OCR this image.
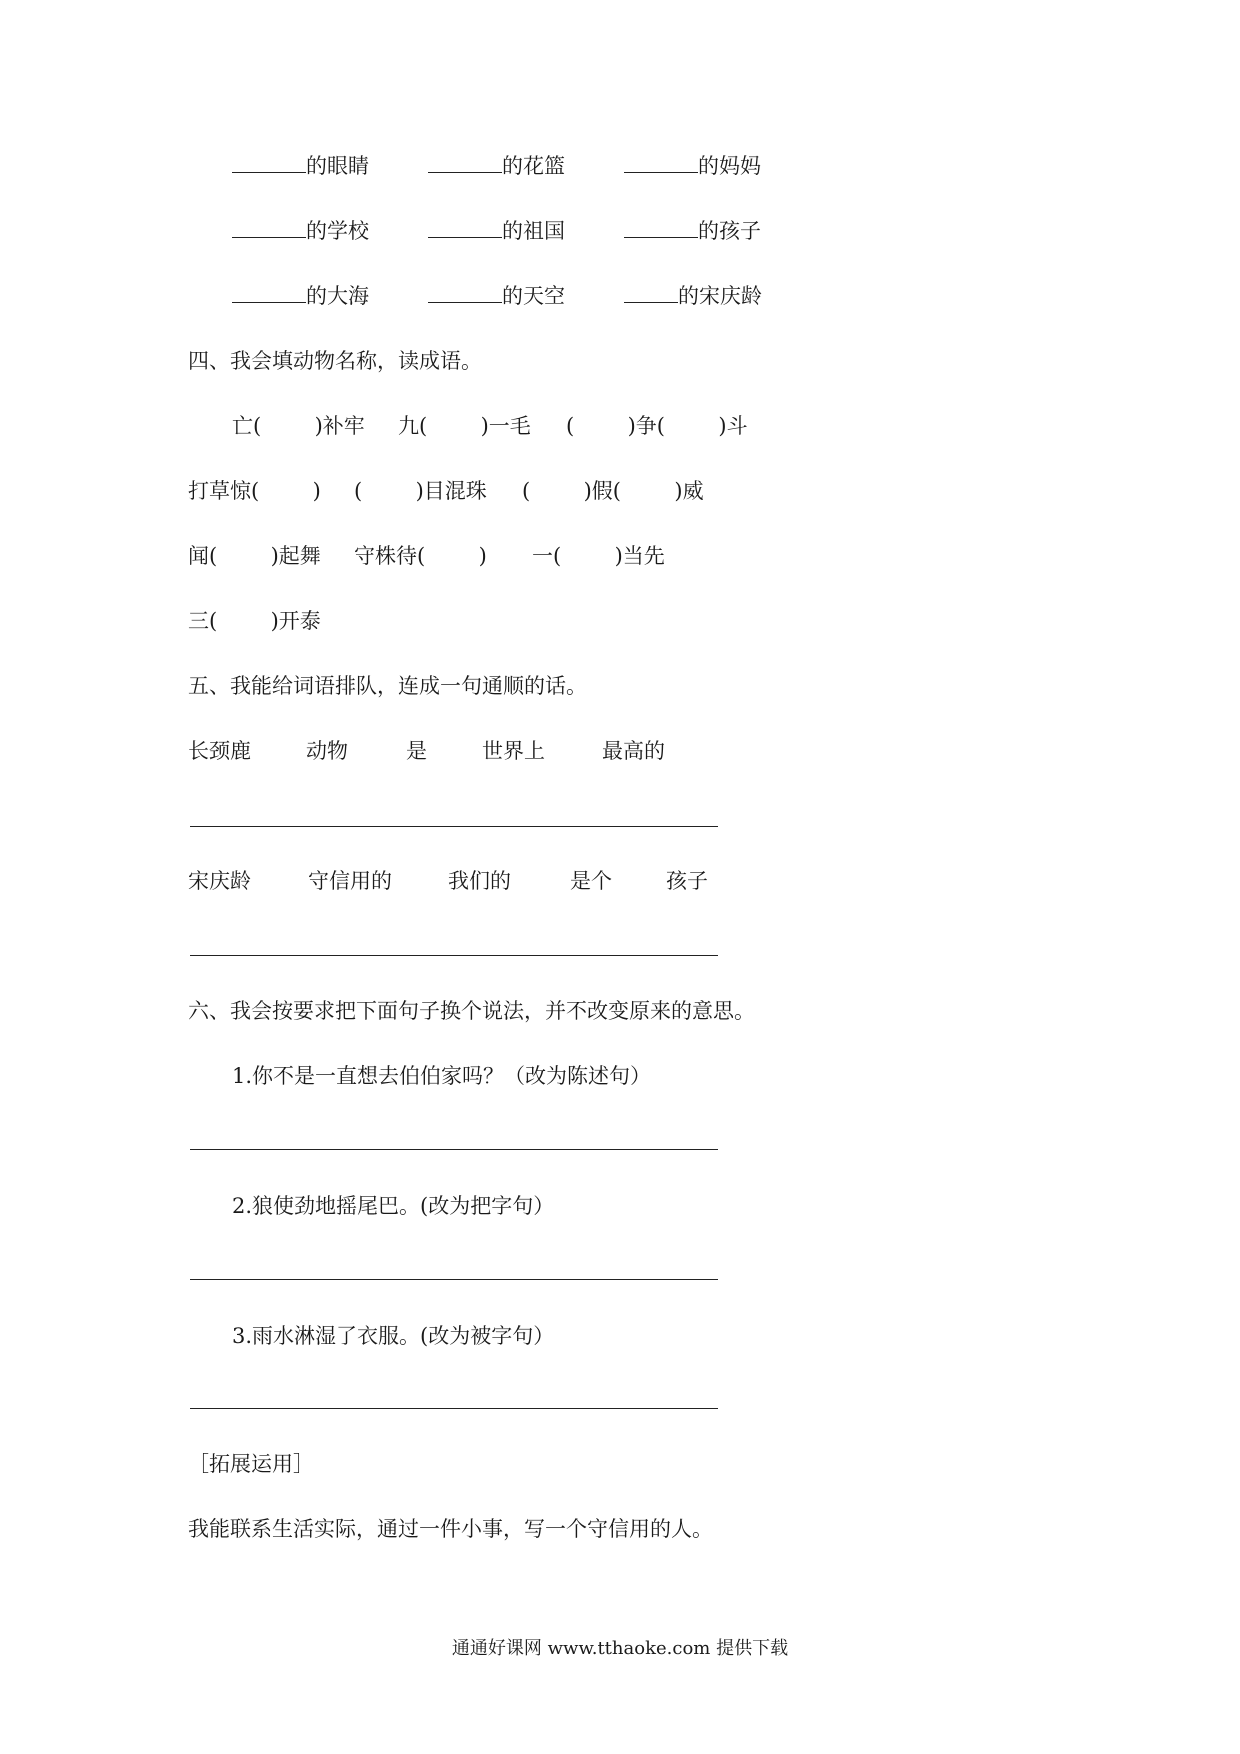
的眼睛	的花篮	的妈妈
的学校	的祖国	的孩子
的大海	的天空	的宋庆龄
四、我会填动物名称，读成语。
亡(        )补牢 九(        )一毛 (        )争(        )斗
打草惊(        ) (        )目混珠 (        )假(        )威
闻(        )起舞 守株待(        ) 一(        )当先
三(        )开泰
五、我能给词语排队，连成一句通顺的话。
长颈鹿	动物	是	世界上	最高的
宋庆龄	守信用的	我们的	是个	孩子
六、我会按要求把下面句子换个说法，并不改变原来的意思。
1.你不是一直想去伯伯家吗？（改为陈述句）
2.狼使劲地摇尾巴。(改为把字句）
3.雨水淋湿了衣服。(改为被字句）
［拓展运用］
我能联系生活实际，通过一件小事，写一个守信用的人。
通通好课网 www.tthaoke.com 提供下载
